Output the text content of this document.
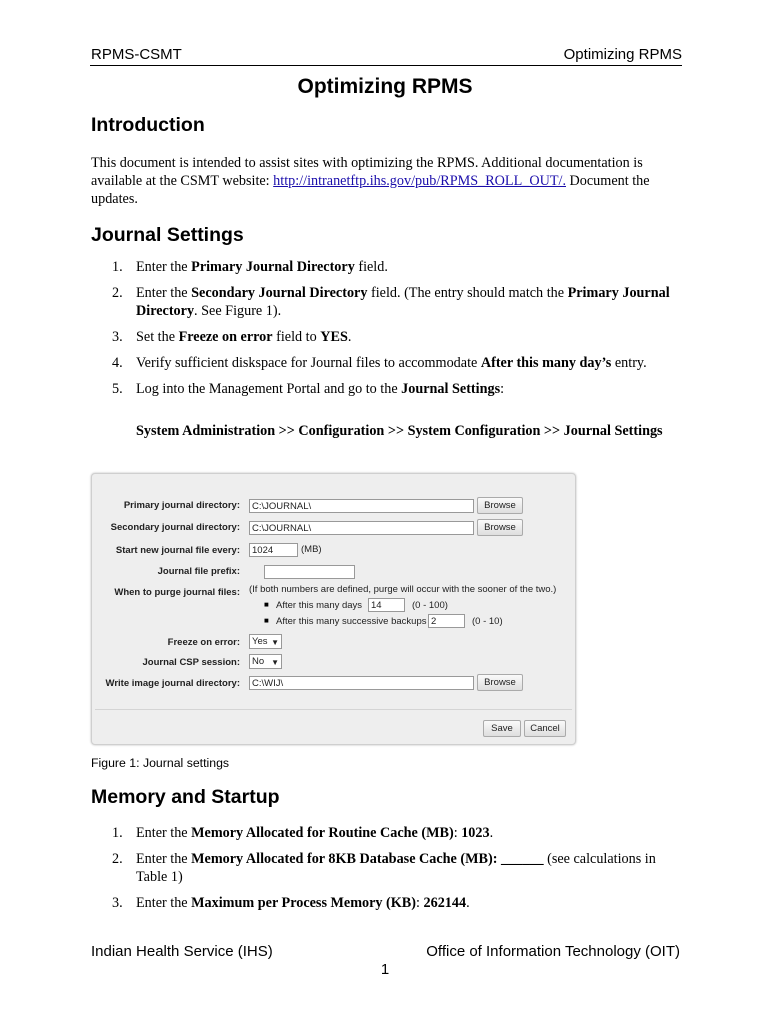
RPMS-CSMT	Optimizing RPMS
Optimizing RPMS
Introduction
This document is intended to assist sites with optimizing the RPMS. Additional documentation is available at the CSMT website: http://intranetftp.ihs.gov/pub/RPMS_ROLL_OUT/. Document the updates.
Journal Settings
1. Enter the Primary Journal Directory field.
2. Enter the Secondary Journal Directory field. (The entry should match the Primary Journal Directory. See Figure 1).
3. Set the Freeze on error field to YES.
4. Verify sufficient diskspace for Journal files to accommodate After this many day’s entry.
5. Log into the Management Portal and go to the Journal Settings:
System Administration >> Configuration >> System Configuration >> Journal Settings
Primary journal directory:	C:\JOURNAL\	Browse
Secondary journal directory:	C:\JOURNAL\	Browse
Start new journal file every:	1024	(MB)
Journal file prefix:
When to purge journal files: (If both numbers are defined, purge will occur with the sooner of the two.)
■ After this many days 14	(0 - 100)
■ After this many successive backups 2	(0 - 10)
Freeze on error:	Yes ▼
Journal CSP session:	No ▼
Write image journal directory:	C:\WIJ\	Browse
Save	Cancel
Figure 1: Journal settings
Memory and Startup
1. Enter the Memory Allocated for Routine Cache (MB): 1023.
2. Enter the Memory Allocated for 8KB Database Cache (MB): ______ (see calculations in Table 1)
3. Enter the Maximum per Process Memory (KB): 262144.
Indian Health Service (IHS)	Office of Information Technology (OIT)
1
